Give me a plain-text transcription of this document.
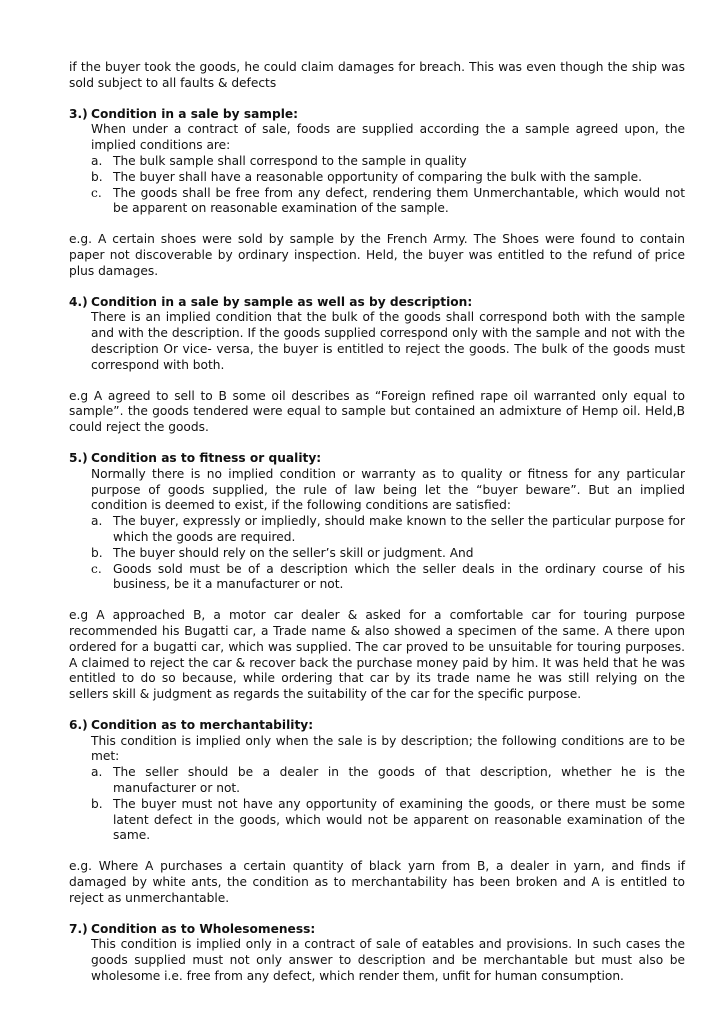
if the buyer took the goods, he could claim damages for breach. This was even though the ship was sold subject to all faults & defects

3.) Condition in a sale by sample:

When under a contract of sale, foods are supplied according the a sample agreed upon, the implied conditions are:

a. The bulk sample shall correspond to the sample in quality
b. The buyer shall have a reasonable opportunity of comparing the bulk with the sample.
c. The goods shall be free from any defect, rendering them Unmerchantable, which would not be apparent on reasonable examination of the sample.

e.g. A certain shoes were sold by sample by the French Army. The Shoes were found to contain paper not discoverable by ordinary inspection. Held, the buyer was entitled to the refund of price plus damages.

4.) Condition in a sale by sample as well as by description:

There is an implied condition that the bulk of the goods shall correspond both with the sample and with the description. If the goods supplied correspond only with the sample and not with the description Or vice- versa, the buyer is entitled to reject the goods. The bulk of the goods must correspond with both.

e.g A agreed to sell to B some oil describes as “Foreign refined rape oil warranted only equal to sample”. the goods tendered were equal to sample but contained an admixture of Hemp oil. Held,B could reject the goods.

5.) Condition as to fitness or quality:

Normally there is no implied condition or warranty as to quality or fitness for any particular purpose of goods supplied, the rule of law being let the “buyer beware”. But an implied condition is deemed to exist, if the following conditions are satisfied:

a. The buyer, expressly or impliedly, should make known to the seller the particular purpose for which the goods are required.
b. The buyer should rely on the seller’s skill or judgment. And
c. Goods sold must be of a description which the seller deals in the ordinary course of his business, be it a manufacturer or not.

e.g A approached B, a motor car dealer & asked for a comfortable car for touring purpose recommended his Bugatti car, a Trade name & also showed a specimen of the same. A there upon ordered for a bugatti car, which was supplied. The car proved to be unsuitable for touring purposes. A claimed to reject the car & recover back the purchase money paid by him. It was held that he was entitled to do so because, while ordering that car by its trade name he was still relying on the sellers skill & judgment as regards the suitability of the car for the specific purpose.

6.) Condition as to merchantability:

This condition is implied only when the sale is by description; the following conditions are to be met:

a. The seller should be a dealer in the goods of that description, whether he is the manufacturer or not.
b. The buyer must not have any opportunity of examining the goods, or there must be some latent defect in the goods, which would not be apparent on reasonable examination of the same.

e.g. Where A purchases a certain quantity of black yarn from B, a dealer in yarn, and finds if damaged by white ants, the condition as to merchantability has been broken and A is entitled to reject as unmerchantable.

7.) Condition as to Wholesomeness:

This condition is implied only in a contract of sale of eatables and provisions. In such cases the goods supplied must not only answer to description and be merchantable but must also be wholesome i.e. free from any defect, which render them, unfit for human consumption.
